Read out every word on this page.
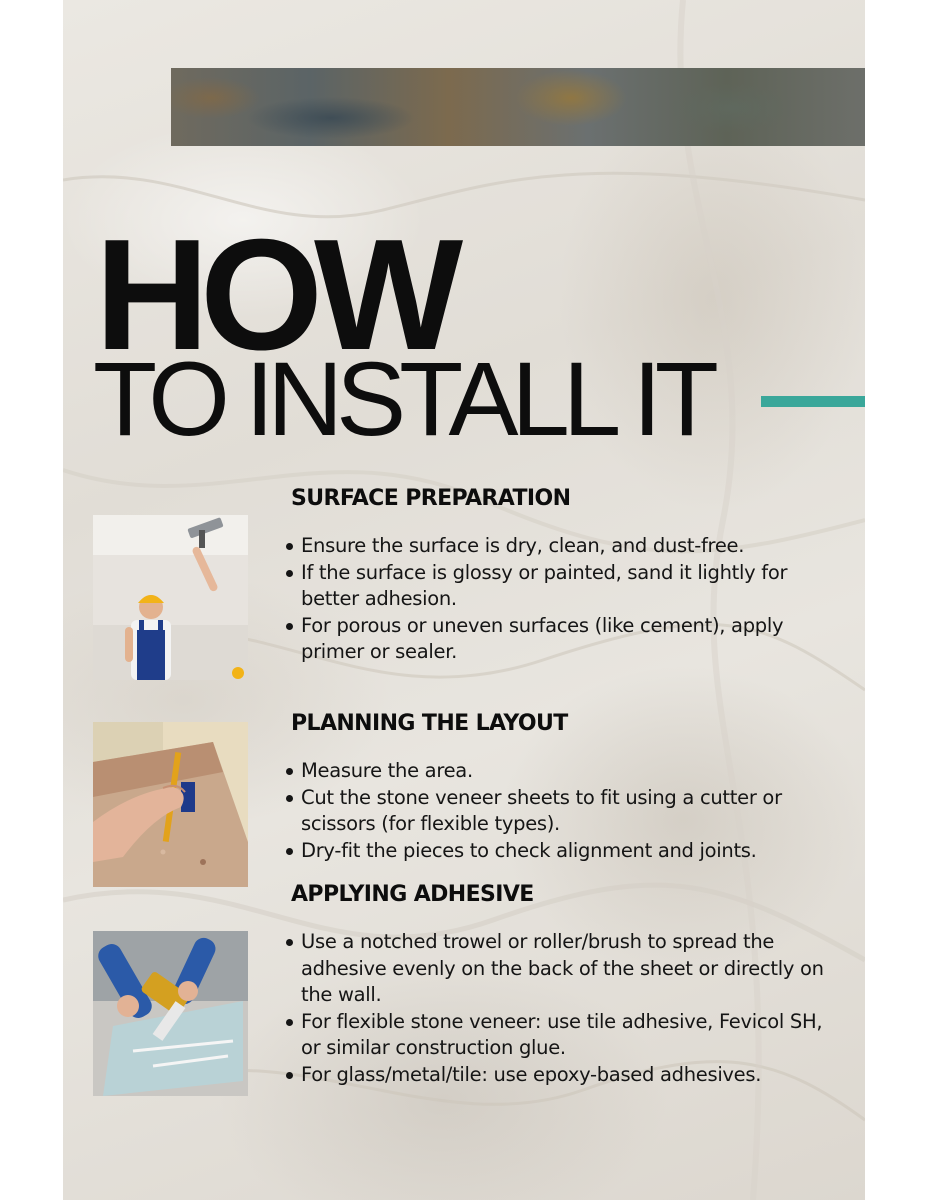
HOW
TO INSTALL IT
SURFACE PREPARATION
Ensure the surface is dry, clean, and dust-free.
If the surface is glossy or painted, sand it lightly for better adhesion.
For porous or uneven surfaces (like cement), apply primer or sealer.
PLANNING THE LAYOUT
Measure the area.
Cut the stone veneer sheets to fit using a cutter or scissors (for flexible types).
Dry-fit the pieces to check alignment and joints.
APPLYING ADHESIVE
Use a notched trowel or roller/brush to spread the adhesive evenly on the back of the sheet or directly on the wall.
For flexible stone veneer: use tile adhesive, Fevicol SH, or similar construction glue.
For glass/metal/tile: use epoxy-based adhesives.
